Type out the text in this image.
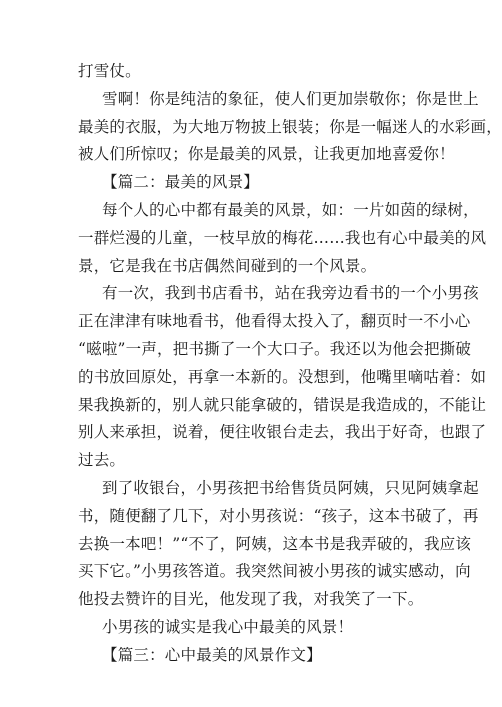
打雪仗。
雪啊！你是纯洁的象征，使人们更加崇敬你；你是世上
最美的衣服，为大地万物披上银装；你是一幅迷人的水彩画，
被人们所惊叹；你是最美的风景，让我更加地喜爱你！
【篇二：最美的风景】
每个人的心中都有最美的风景，如：一片如茵的绿树，
一群烂漫的儿童，一枝早放的梅花……我也有心中最美的风
景，它是我在书店偶然间碰到的一个风景。
有一次，我到书店看书，站在我旁边看书的一个小男孩
正在津津有味地看书，他看得太投入了，翻页时一不小心
“嗞啦”一声，把书撕了一个大口子。我还以为他会把撕破
的书放回原处，再拿一本新的。没想到，他嘴里嘀咕着：如
果我换新的，别人就只能拿破的，错误是我造成的，不能让
别人来承担，说着，便往收银台走去，我出于好奇，也跟了
过去。
到了收银台，小男孩把书给售货员阿姨，只见阿姨拿起
书，随便翻了几下，对小男孩说：“孩子，这本书破了，再
去换一本吧！”“不了，阿姨，这本书是我弄破的，我应该
买下它。”小男孩答道。我突然间被小男孩的诚实感动，向
他投去赞许的目光，他发现了我，对我笑了一下。
小男孩的诚实是我心中最美的风景！
【篇三：心中最美的风景作文】
